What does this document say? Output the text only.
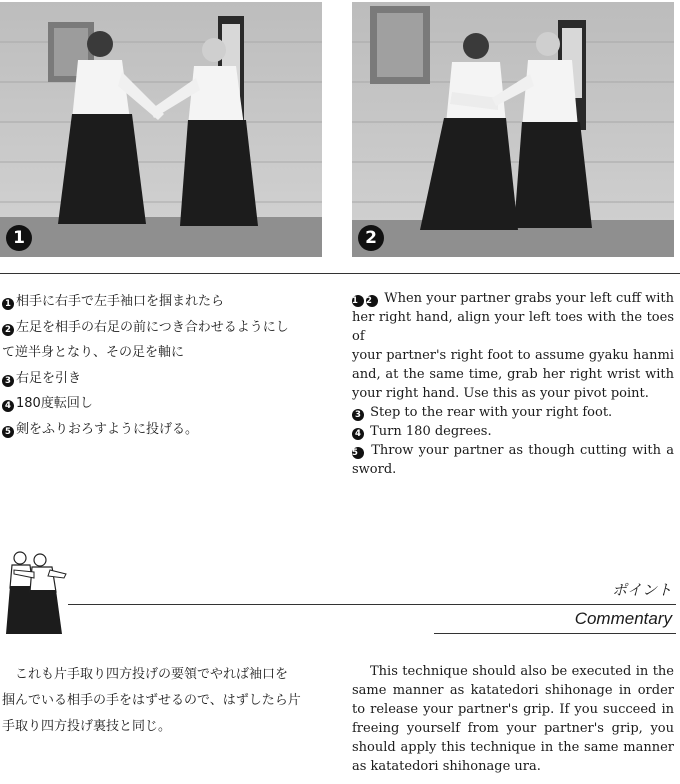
1	2
1 相手に右手で左手袖口を掴まれたら
2 左足を相手の右足の前につき合わせるようにし
て逆半身となり、その足を軸に
3 右足を引き
4 180度転回し
5 剣をふりおろすように投げる。
1 2 When your partner grabs your left cuff with
her right hand, align your left toes with the toes of
your partner's right foot to assume gyaku hanmi
and, at the same time, grab her right wrist with
your right hand. Use this as your pivot point.
3 Step to the rear with your right foot.
4 Turn 180 degrees.
5 Throw your partner as though cutting with a
sword.
ポイント
Commentary
　これも片手取り四方投げの要領でやれば袖口を
掴んでいる相手の手をはずせるので、はずしたら片
手取り四方投げ裏技と同じ。
This technique should also be executed in the
same manner as katatedori shihonage in order
to release your partner's grip. If you succeed in
freeing yourself from your partner's grip, you
should apply this technique in the same manner
as katatedori shihonage ura.
